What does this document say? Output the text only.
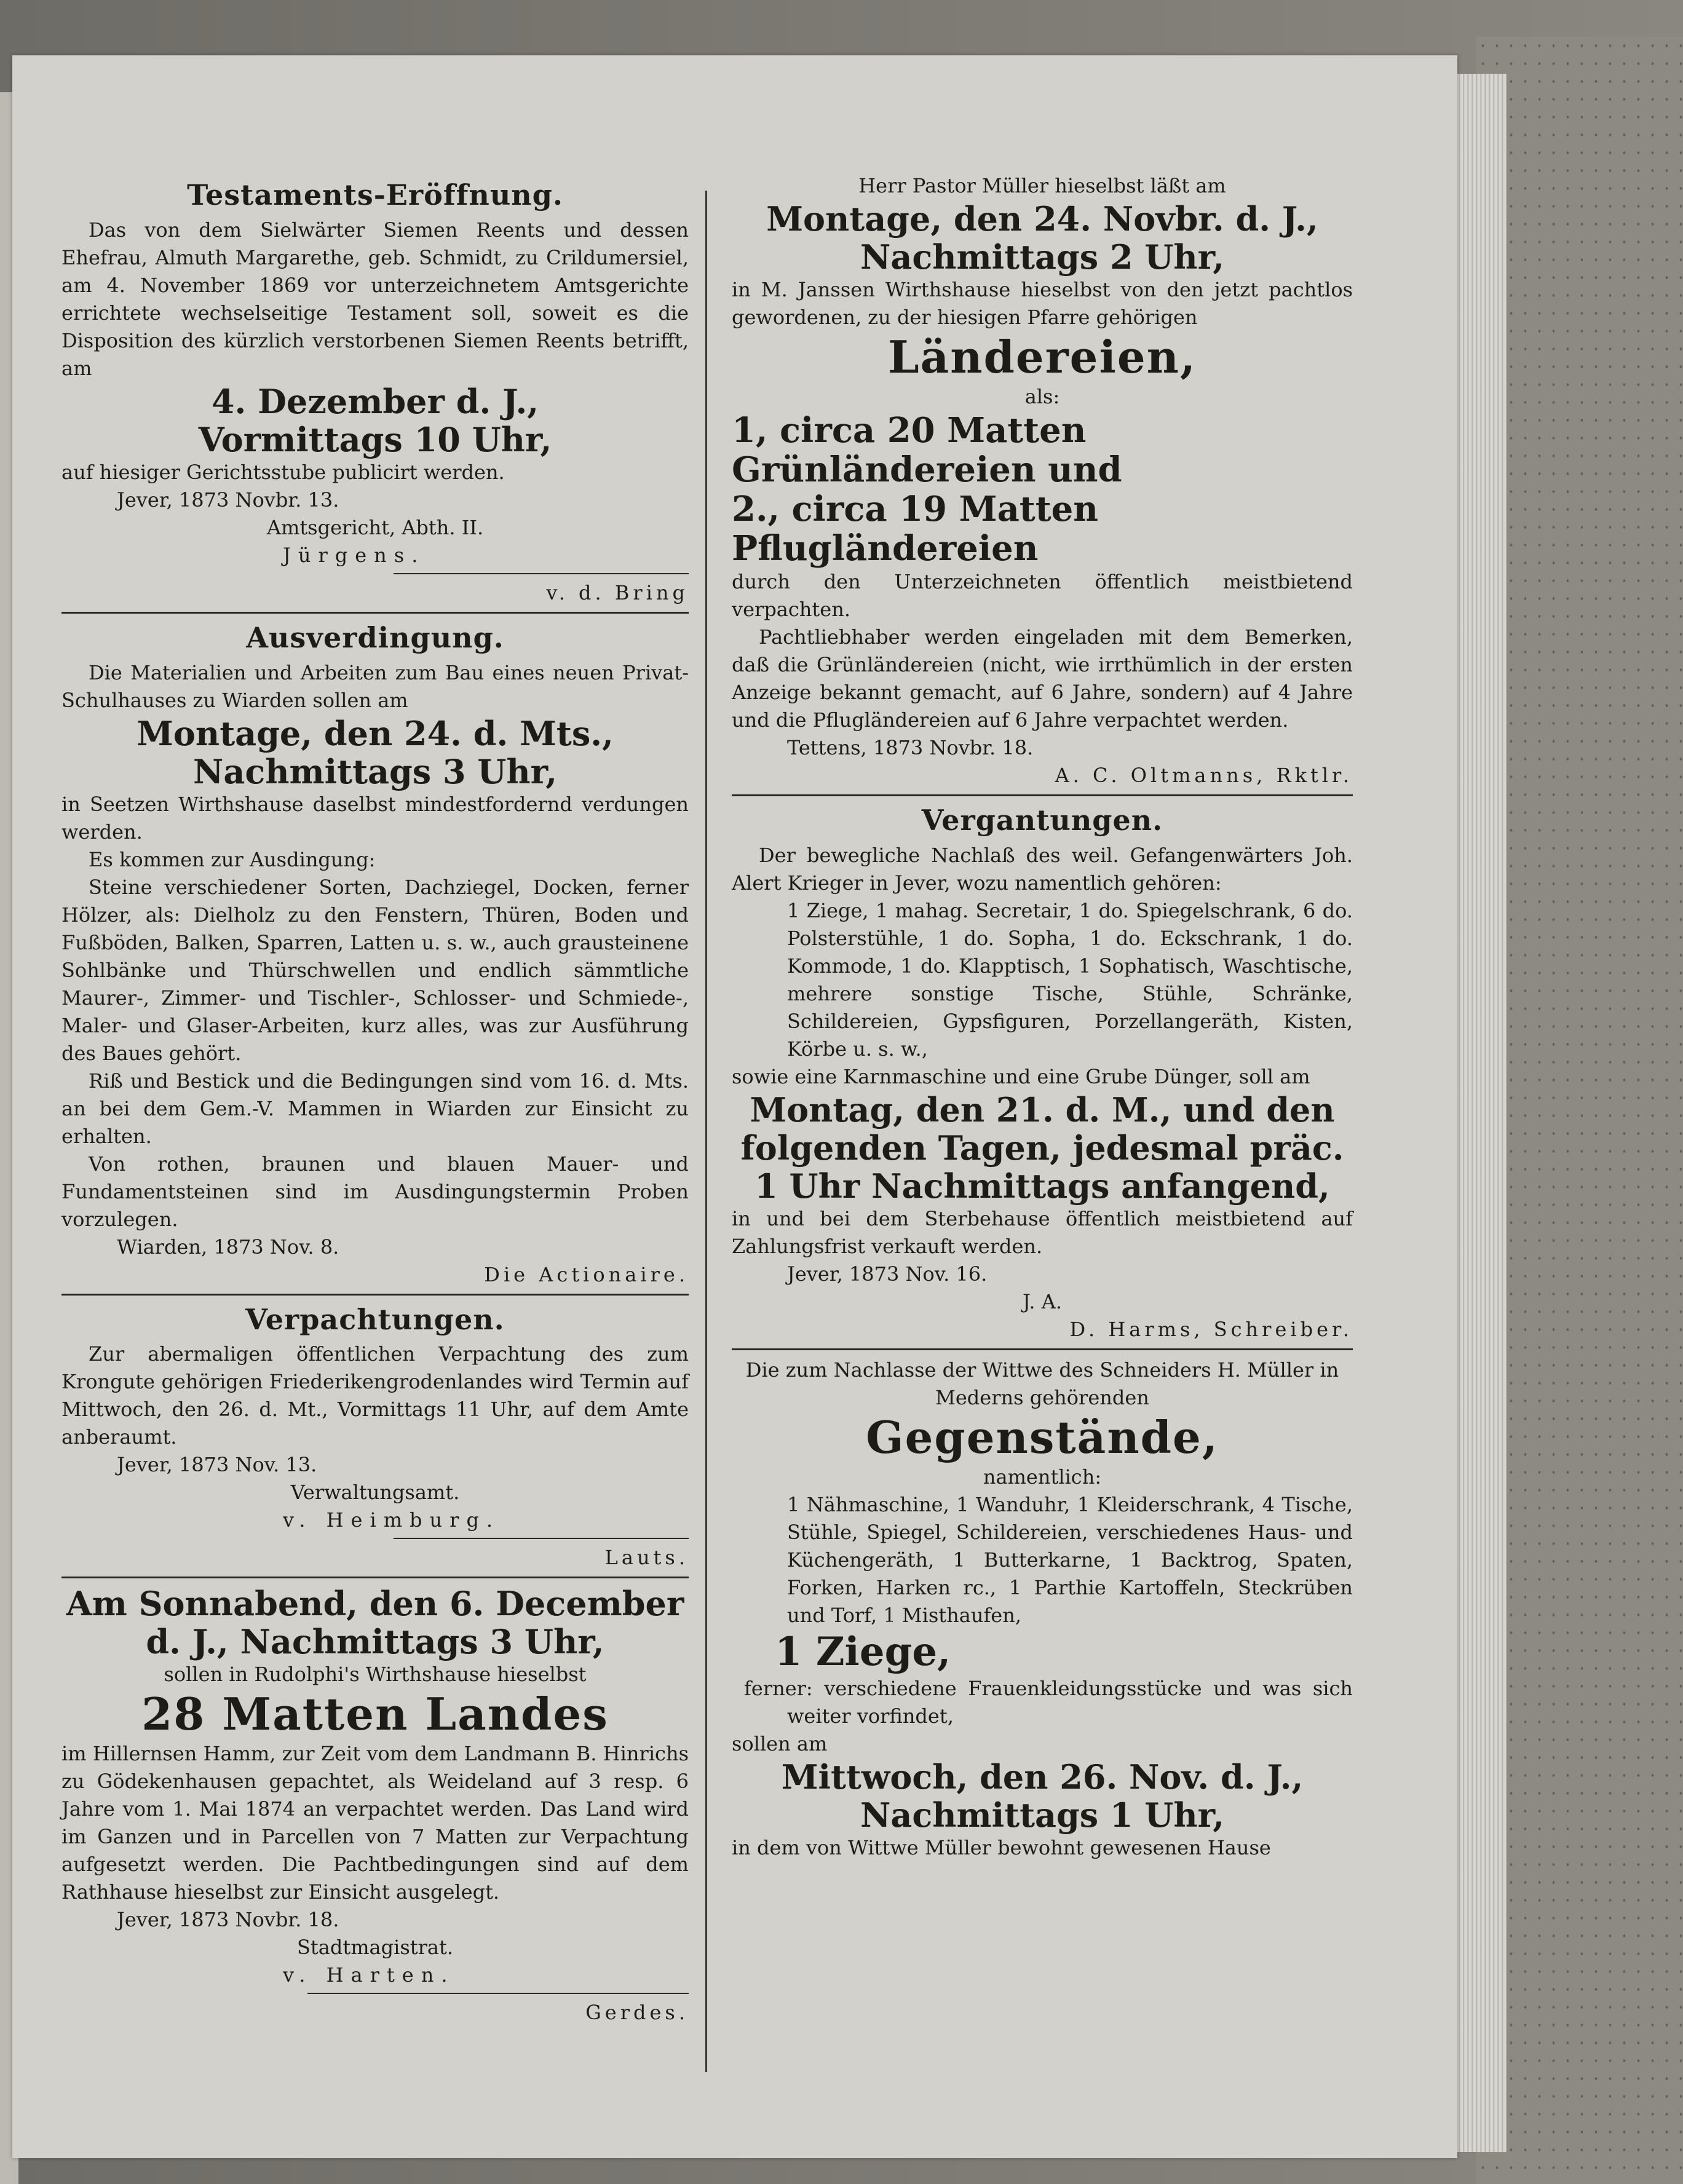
Testaments-Eröffnung.

Das von dem Sielwärter Siemen Reents und dessen Ehefrau, Almuth Margarethe, geb. Schmidt, zu Crildumersiel, am 4. November 1869 vor unterzeichnetem Amtsgerichte errichtete wechselseitige Testament soll, soweit es die Disposition des kürzlich verstorbenen Siemen Reents betrifft, am

4. Dezember d. J.,

Vormittags 10 Uhr,

auf hiesiger Gerichtsstube publicirt werden.

Jever, 1873 Novbr. 13.

Amtsgericht, Abth. II.

Jürgens.

v. d. Bring

Ausverdingung.

Die Materialien und Arbeiten zum Bau eines neuen Privat-Schulhauses zu Wiarden sollen am

Montage, den 24. d. Mts.,

Nachmittags 3 Uhr,

in Seetzen Wirthshause daselbst mindestfordernd verdungen werden.

Es kommen zur Ausdingung:

Steine verschiedener Sorten, Dachziegel, Docken, ferner Hölzer, als: Dielholz zu den Fenstern, Thüren, Boden und Fußböden, Balken, Sparren, Latten u. s. w., auch grausteinene Sohlbänke und Thürschwellen und endlich sämmtliche Maurer-, Zimmer- und Tischler-, Schlosser- und Schmiede-, Maler- und Glaser-Arbeiten, kurz alles, was zur Ausführung des Baues gehört.

Riß und Bestick und die Bedingungen sind vom 16. d. Mts. an bei dem Gem.-V. Mammen in Wiarden zur Einsicht zu erhalten.

Von rothen, braunen und blauen Mauer- und Fundamentsteinen sind im Ausdingungstermin Proben vorzulegen.

Wiarden, 1873 Nov. 8.

Die Actionaire.

Verpachtungen.

Zur abermaligen öffentlichen Verpachtung des zum Krongute gehörigen Friederikengrodenlandes wird Termin auf Mittwoch, den 26. d. Mt., Vormittags 11 Uhr, auf dem Amte anberaumt.

Jever, 1873 Nov. 13.

Verwaltungsamt.

v. Heimburg.

Lauts.

Am Sonnabend, den 6. December

d. J., Nachmittags 3 Uhr,

sollen in Rudolphi's Wirthshause hieselbst

28 Matten Landes

im Hillernsen Hamm, zur Zeit vom dem Landmann B. Hinrichs zu Gödekenhausen gepachtet, als Weideland auf 3 resp. 6 Jahre vom 1. Mai 1874 an verpachtet werden. Das Land wird im Ganzen und in Parcellen von 7 Matten zur Verpachtung aufgesetzt werden. Die Pachtbedingungen sind auf dem Rathhause hieselbst zur Einsicht ausgelegt.

Jever, 1873 Novbr. 18.

Stadtmagistrat.

v. Harten.

Gerdes.

Herr Pastor Müller hieselbst läßt am

Montage, den 24. Novbr. d. J.,

Nachmittags 2 Uhr,

in M. Janssen Wirthshause hieselbst von den jetzt pachtlos gewordenen, zu der hiesigen Pfarre gehörigen

Ländereien,

als:

1, circa 20 Matten Grünländereien und

2., circa 19 Matten Pflugländereien

durch den Unterzeichneten öffentlich meistbietend verpachten.

Pachtliebhaber werden eingeladen mit dem Bemerken, daß die Grünländereien (nicht, wie irrthümlich in der ersten Anzeige bekannt gemacht, auf 6 Jahre, sondern) auf 4 Jahre und die Pflugländereien auf 6 Jahre verpachtet werden.

Tettens, 1873 Novbr. 18.

A. C. Oltmanns, Rktlr.

Vergantungen.

Der bewegliche Nachlaß des weil. Gefangenwärters Joh. Alert Krieger in Jever, wozu namentlich gehören:

1 Ziege, 1 mahag. Secretair, 1 do. Spiegelschrank, 6 do. Polsterstühle, 1 do. Sopha, 1 do. Eckschrank, 1 do. Kommode, 1 do. Klapptisch, 1 Sophatisch, Waschtische, mehrere sonstige Tische, Stühle, Schränke, Schildereien, Gypsfiguren, Porzellangeräth, Kisten, Körbe u. s. w.,

sowie eine Karnmaschine und eine Grube Dünger, soll am

Montag, den 21. d. M., und den folgenden Tagen, jedesmal präc. 1 Uhr Nachmittags anfangend,

in und bei dem Sterbehause öffentlich meistbietend auf Zahlungsfrist verkauft werden.

Jever, 1873 Nov. 16.

J. A.

D. Harms, Schreiber.

Die zum Nachlasse der Wittwe des Schneiders H. Müller in Mederns gehörenden

Gegenstände,

namentlich:

1 Nähmaschine, 1 Wanduhr, 1 Kleiderschrank, 4 Tische, Stühle, Spiegel, Schildereien, verschiedenes Haus- und Küchengeräth, 1 Butterkarne, 1 Backtrog, Spaten, Forken, Harken rc., 1 Parthie Kartoffeln, Steckrüben und Torf, 1 Misthaufen,

1 Ziege,

ferner: verschiedene Frauenkleidungsstücke und was sich weiter vorfindet,

sollen am

Mittwoch, den 26. Nov. d. J.,

Nachmittags 1 Uhr,

in dem von Wittwe Müller bewohnt gewesenen Hause
